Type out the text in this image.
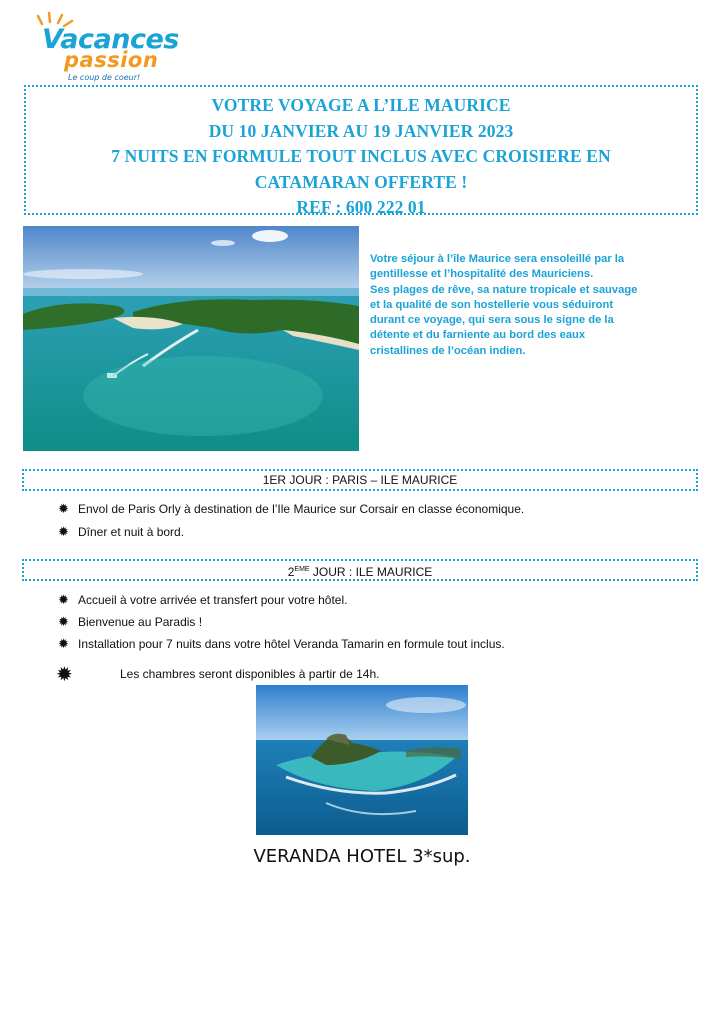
Vacances
passion
Le coup de coeur!
VOTRE VOYAGE A L’ILE MAURICE
DU 10 JANVIER AU 19 JANVIER 2023
7 NUITS EN FORMULE TOUT INCLUS AVEC CROISIERE EN
CATAMARAN OFFERTE !
REF : 600 222 01
Votre séjour à l’île Maurice sera ensoleillé par la
gentillesse et l’hospitalité des Mauriciens.
Ses plages de rêve, sa nature tropicale et sauvage
et la qualité de son hostellerie vous séduiront
durant ce voyage, qui sera sous le signe de la
détente et du farniente au bord des eaux
cristallines de l’océan indien.
1ER JOUR : PARIS – ILE MAURICE
✹ Envol de Paris Orly à destination de l’Ile Maurice sur Corsair en classe économique.
✹ Dîner et nuit à bord.
2EME JOUR : ILE MAURICE
✹ Accueil à votre arrivée et transfert pour votre hôtel.
✹ Bienvenue au Paradis !
✹ Installation pour 7 nuits dans votre hôtel Veranda Tamarin en formule tout inclus.
✹	Les chambres seront disponibles à partir de 14h.
VERANDA HOTEL 3*sup.
